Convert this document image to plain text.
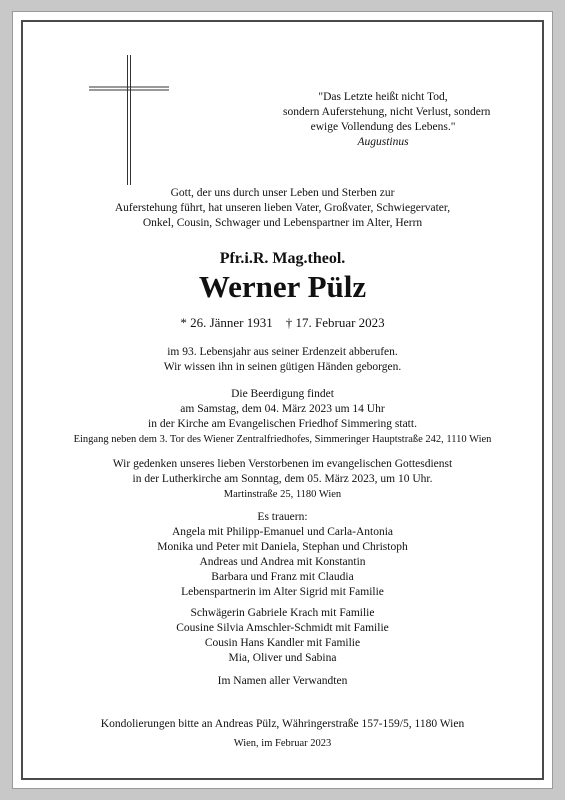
"Das Letzte heißt nicht Tod,
sondern Auferstehung, nicht Verlust, sondern
ewige Vollendung des Lebens."
Augustinus
Gott, der uns durch unser Leben und Sterben zur
Auferstehung führt, hat unseren lieben Vater, Großvater, Schwiegervater,
Onkel, Cousin, Schwager und Lebenspartner im Alter, Herrn
Pfr.i.R. Mag.theol.
Werner Pülz
* 26. Jänner 1931 † 17. Februar 2023
im 93. Lebensjahr aus seiner Erdenzeit abberufen.
Wir wissen ihn in seinen gütigen Händen geborgen.
Die Beerdigung findet
am Samstag, dem 04. März 2023 um 14 Uhr
in der Kirche am Evangelischen Friedhof Simmering statt.
Eingang neben dem 3. Tor des Wiener Zentralfriedhofes, Simmeringer Hauptstraße 242, 1110 Wien
Wir gedenken unseres lieben Verstorbenen im evangelischen Gottesdienst
in der Lutherkirche am Sonntag, dem 05. März 2023, um 10 Uhr.
Martinstraße 25, 1180 Wien
Es trauern:
Angela mit Philipp-Emanuel und Carla-Antonia
Monika und Peter mit Daniela, Stephan und Christoph
Andreas und Andrea mit Konstantin
Barbara und Franz mit Claudia
Lebenspartnerin im Alter Sigrid mit Familie
Schwägerin Gabriele Krach mit Familie
Cousine Silvia Amschler-Schmidt mit Familie
Cousin Hans Kandler mit Familie
Mia, Oliver und Sabina
Im Namen aller Verwandten
Kondolierungen bitte an Andreas Pülz, Währingerstraße 157-159/5, 1180 Wien
Wien, im Februar 2023
